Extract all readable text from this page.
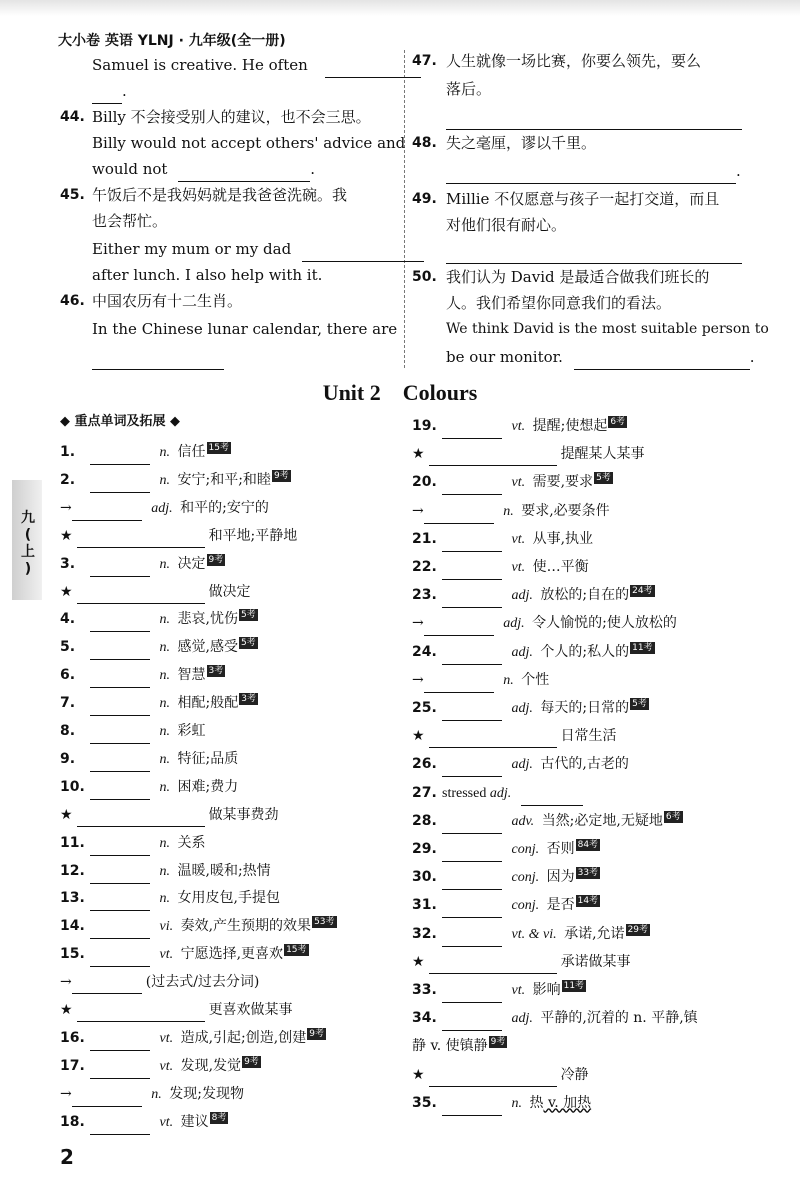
大小卷 英语 YLNJ · 九年级(全一册)
Samuel is creative. He often
.
44. Billy 不会接受别人的建议，也不会三思。
Billy would not accept others' advice and
would not	.
45. 午饭后不是我妈妈就是我爸爸洗碗。我
也会帮忙。
Either my mum or my dad
after lunch. I also help with it.
46. 中国农历有十二生肖。
In the Chinese lunar calendar, there are
47. 人生就像一场比赛，你要么领先，要么
落后。
48. 失之毫厘，谬以千里。
.
49. Millie 不仅愿意与孩子一起打交道，而且
对他们很有耐心。
50. 我们认为 David 是最适合做我们班长的
人。我们希望你同意我们的看法。
We think David is the most suitable person to
be our monitor.	.
Unit 2 Colours
◆ 重点单词及拓展 ◆
九
(
上
)
1.	n. 信任 15考
2.	n. 安宁;和平;和睦 9考
→	adj. 和平的;安宁的
★	和平地;平静地
3.	n. 决定 9考
★	做决定
4.	n. 悲哀,忧伤 5考
5.	n. 感觉,感受 5考
6.	n. 智慧 3考
7.	n. 相配;般配 3考
8.	n. 彩虹
9.	n. 特征;品质
10.	n. 困难;费力
★	做某事费劲
11.	n. 关系
12.	n. 温暖,暖和;热情
13.	n. 女用皮包,手提包
14.	vi. 奏效,产生预期的效果 53考
15.	vt. 宁愿选择,更喜欢 15考
→	(过去式/过去分词)
★	更喜欢做某事
16.	vt. 造成,引起;创造,创建 9考
17.	vt. 发现,发觉 9考
→	n. 发现;发现物
18.	vt. 建议 8考
19.	vt. 提醒;使想起 6考
★	提醒某人某事
20.	vt. 需要,要求 5考
→	n. 要求,必要条件
21.	vt. 从事,执业
22.	vt. 使…平衡
23.	adj. 放松的;自在的 24考
→	adj. 令人愉悦的;使人放松的
24.	adj. 个人的;私人的 11考
→	n. 个性
25.	adj. 每天的;日常的 5考
★	日常生活
26.	adj. 古代的,古老的
27. stressed adj.
28.	adv. 当然;必定地,无疑地 6考
29.	conj. 否则 84考
30.	conj. 因为 33考
31.	conj. 是否 14考
32.	vt. & vi. 承诺,允诺 29考
★	承诺做某事
33.	vt. 影响 11考
34.	adj. 平静的,沉着的 n. 平静,镇
静 v. 使镇静 9考
★	冷静
35.	n. 热 v. 加热
2
